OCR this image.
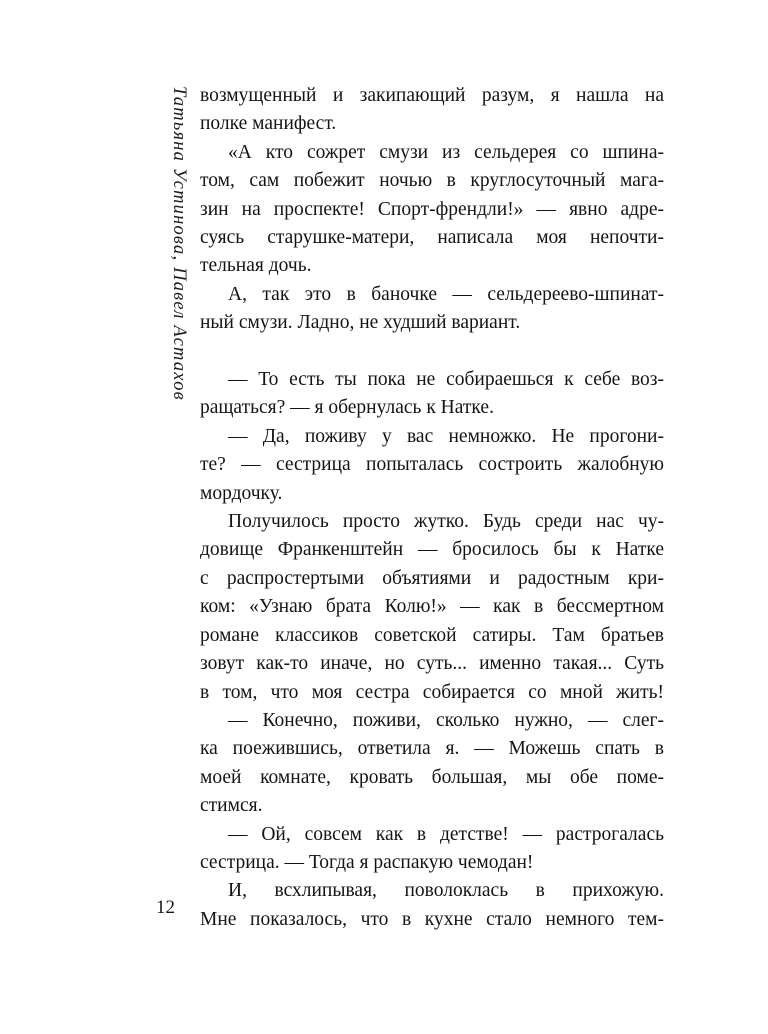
Татьяна Устинова, Павел Астахов
12
возмущенный и закипающий разум, я нашла на
полке манифест.
«А кто сожрет смузи из сельдерея со шпина-
том, сам побежит ночью в круглосуточный мага-
зин на проспекте! Спорт-френдли!» — явно адре-
суясь старушке-матери, написала моя непочти-
тельная дочь.
А, так это в баночке — сельдереево-шпинат-
ный смузи. Ладно, не худший вариант.
— То есть ты пока не собираешься к себе воз-
ращаться? — я обернулась к Натке.
— Да, поживу у вас немножко. Не прогони-
те? — сестрица попыталась состроить жалобную
мордочку.
Получилось просто жутко. Будь среди нас чу-
довище Франкенштейн — бросилось бы к Натке
с распростертыми объятиями и радостным кри-
ком: «Узнаю брата Колю!» — как в бессмертном
романе классиков советской сатиры. Там братьев
зовут как-то иначе, но суть... именно такая... Суть
в том, что моя сестра собирается со мной жить!
— Конечно, поживи, сколько нужно, — слег-
ка поежившись, ответила я. — Можешь спать в
моей комнате, кровать большая, мы обе поме-
стимся.
— Ой, совсем как в детстве! — растрогалась
сестрица. — Тогда я распакую чемодан!
И, всхлипывая, поволоклась в прихожую.
Мне показалось, что в кухне стало немного тем-
